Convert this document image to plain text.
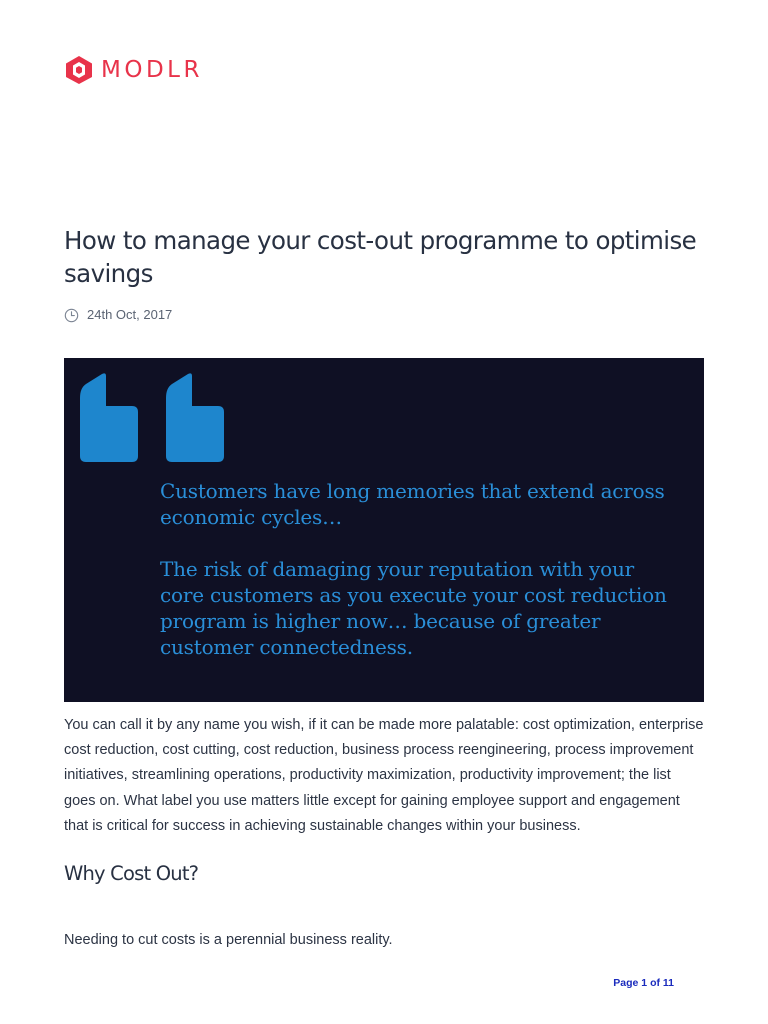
MODLR
How to manage your cost-out programme to optimise savings
24th Oct, 2017

Customers have long memories that extend across economic cycles…

The risk of damaging your reputation with your core customers as you execute your cost reduction program is higher now… because of greater customer connectedness.

You can call it by any name you wish, if it can be made more palatable: cost optimization, enterprise cost reduction, cost cutting, cost reduction, business process reengineering, process improvement initiatives, streamlining operations, productivity maximization, productivity improvement; the list goes on. What label you use matters little except for gaining employee support and engagement that is critical for success in achieving sustainable changes within your business.

Why Cost Out?

Needing to cut costs is a perennial business reality.

Page 1 of 11
